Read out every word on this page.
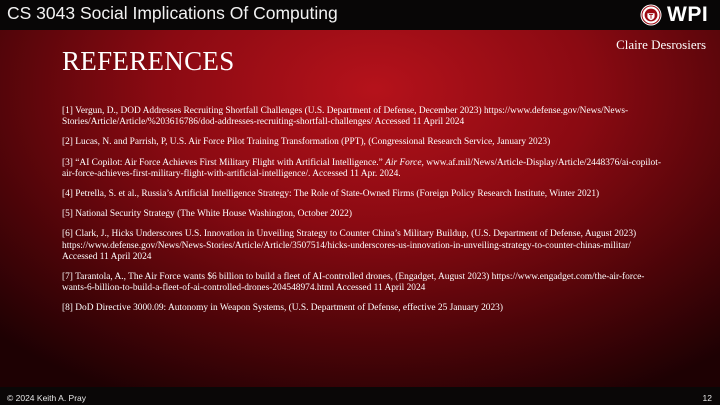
CS 3043 Social Implications Of Computing	WPI
Claire Desrosiers
REFERENCES
[1] Vergun, D., DOD Addresses Recruiting Shortfall Challenges (U.S. Department of Defense, December 2023) https://www.defense.gov/News/News-Stories/Article/Article/%203616786/dod-addresses-recruiting-shortfall-challenges/ Accessed 11 April 2024
[2] Lucas, N. and Parrish, P, U.S. Air Force Pilot Training Transformation (PPT), (Congressional Research Service, January 2023)
[3] “AI Copilot: Air Force Achieves First Military Flight with Artificial Intelligence.” Air Force, www.af.mil/News/Article-Display/Article/2448376/ai-copilot-air-force-achieves-first-military-flight-with-artificial-intelligence/. Accessed 11 Apr. 2024.
[4] Petrella, S. et al., Russia’s Artificial Intelligence Strategy: The Role of State-Owned Firms (Foreign Policy Research Institute, Winter 2021)
[5] National Security Strategy (The White House Washington, October 2022)
[6] Clark, J., Hicks Underscores U.S. Innovation in Unveiling Strategy to Counter China’s Military Buildup, (U.S. Department of Defense, August 2023) https://www.defense.gov/News/News-Stories/Article/Article/3507514/hicks-underscores-us-innovation-in-unveiling-strategy-to-counter-chinas-militar/ Accessed 11 April 2024
[7] Tarantola, A., The Air Force wants $6 billion to build a fleet of AI-controlled drones, (Engadget, August 2023) https://www.engadget.com/the-air-force-wants-6-billion-to-build-a-fleet-of-ai-controlled-drones-204548974.html Accessed 11 April 2024
[8] DoD Directive 3000.09: Autonomy in Weapon Systems, (U.S. Department of Defense, effective 25 January 2023)
© 2024 Keith A. Pray	12
